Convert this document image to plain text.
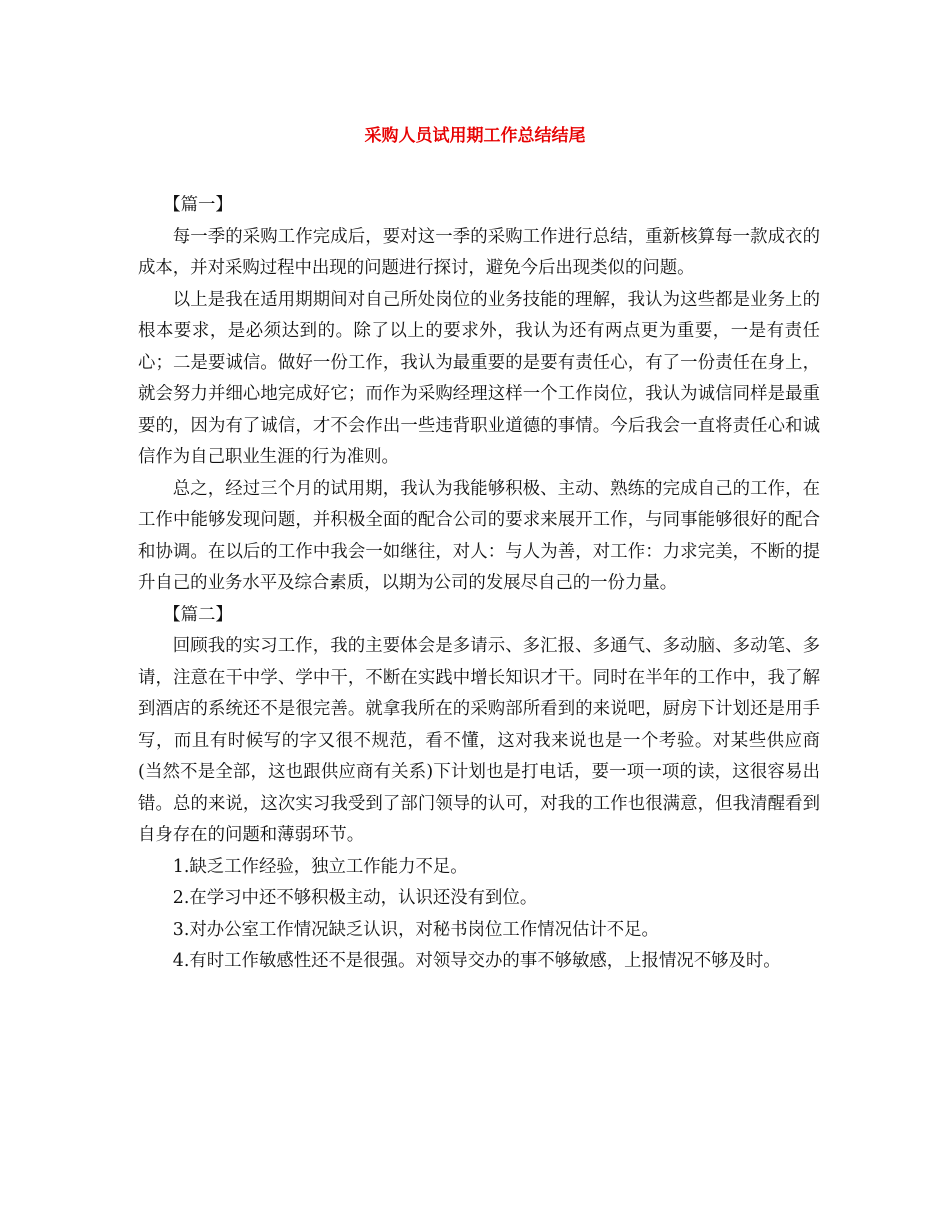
采购人员试用期工作总结结尾

【篇一】

每一季的采购工作完成后，要对这一季的采购工作进行总结，重新核算每一款成衣的成本，并对采购过程中出现的问题进行探讨，避免今后出现类似的问题。

以上是我在适用期期间对自己所处岗位的业务技能的理解，我认为这些都是业务上的根本要求，是必须达到的。除了以上的要求外，我认为还有两点更为重要，一是有责任心；二是要诚信。做好一份工作，我认为最重要的是要有责任心，有了一份责任在身上，就会努力并细心地完成好它；而作为采购经理这样一个工作岗位，我认为诚信同样是最重要的，因为有了诚信，才不会作出一些违背职业道德的事情。今后我会一直将责任心和诚信作为自己职业生涯的行为准则。

总之，经过三个月的试用期，我认为我能够积极、主动、熟练的完成自己的工作，在工作中能够发现问题，并积极全面的配合公司的要求来展开工作，与同事能够很好的配合和协调。在以后的工作中我会一如继往，对人：与人为善，对工作：力求完美，不断的提升自己的业务水平及综合素质，以期为公司的发展尽自己的一份力量。

【篇二】

回顾我的实习工作，我的主要体会是多请示、多汇报、多通气、多动脑、多动笔、多请，注意在干中学、学中干，不断在实践中增长知识才干。同时在半年的工作中，我了解到酒店的系统还不是很完善。就拿我所在的采购部所看到的来说吧，厨房下计划还是用手写，而且有时候写的字又很不规范，看不懂，这对我来说也是一个考验。对某些供应商(当然不是全部，这也跟供应商有关系)下计划也是打电话，要一项一项的读，这很容易出错。总的来说，这次实习我受到了部门领导的认可，对我的工作也很满意，但我清醒看到自身存在的问题和薄弱环节。

1.缺乏工作经验，独立工作能力不足。

2.在学习中还不够积极主动，认识还没有到位。

3.对办公室工作情况缺乏认识，对秘书岗位工作情况估计不足。

4.有时工作敏感性还不是很强。对领导交办的事不够敏感，上报情况不够及时。
